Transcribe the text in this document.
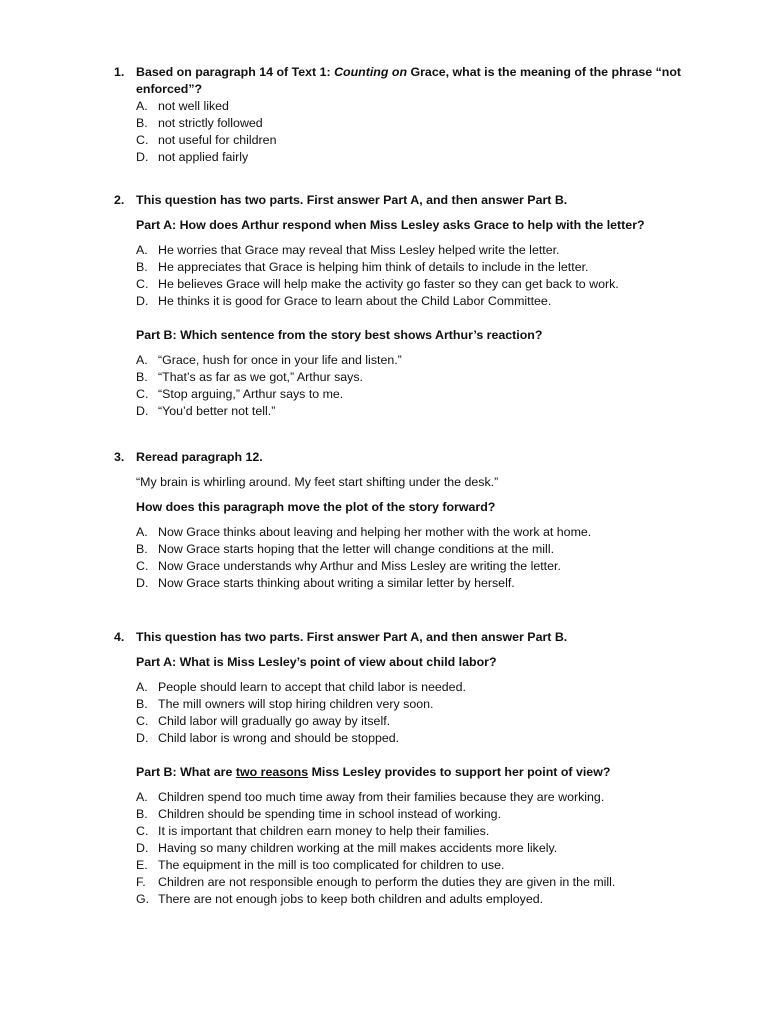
1. Based on paragraph 14 of Text 1: Counting on Grace, what is the meaning of the phrase “not enforced”?
A. not well liked
B. not strictly followed
C. not useful for children
D. not applied fairly
2. This question has two parts. First answer Part A, and then answer Part B.
Part A: How does Arthur respond when Miss Lesley asks Grace to help with the letter?
A. He worries that Grace may reveal that Miss Lesley helped write the letter.
B. He appreciates that Grace is helping him think of details to include in the letter.
C. He believes Grace will help make the activity go faster so they can get back to work.
D. He thinks it is good for Grace to learn about the Child Labor Committee.
Part B: Which sentence from the story best shows Arthur’s reaction?
A. “Grace, hush for once in your life and listen.”
B. “That’s as far as we got,” Arthur says.
C. “Stop arguing,” Arthur says to me.
D. “You’d better not tell.”
3. Reread paragraph 12.
“My brain is whirling around. My feet start shifting under the desk.”
How does this paragraph move the plot of the story forward?
A. Now Grace thinks about leaving and helping her mother with the work at home.
B. Now Grace starts hoping that the letter will change conditions at the mill.
C. Now Grace understands why Arthur and Miss Lesley are writing the letter.
D. Now Grace starts thinking about writing a similar letter by herself.
4. This question has two parts. First answer Part A, and then answer Part B.
Part A: What is Miss Lesley’s point of view about child labor?
A. People should learn to accept that child labor is needed.
B. The mill owners will stop hiring children very soon.
C. Child labor will gradually go away by itself.
D. Child labor is wrong and should be stopped.
Part B: What are two reasons Miss Lesley provides to support her point of view?
A. Children spend too much time away from their families because they are working.
B. Children should be spending time in school instead of working.
C. It is important that children earn money to help their families.
D. Having so many children working at the mill makes accidents more likely.
E. The equipment in the mill is too complicated for children to use.
F. Children are not responsible enough to perform the duties they are given in the mill.
G. There are not enough jobs to keep both children and adults employed.
